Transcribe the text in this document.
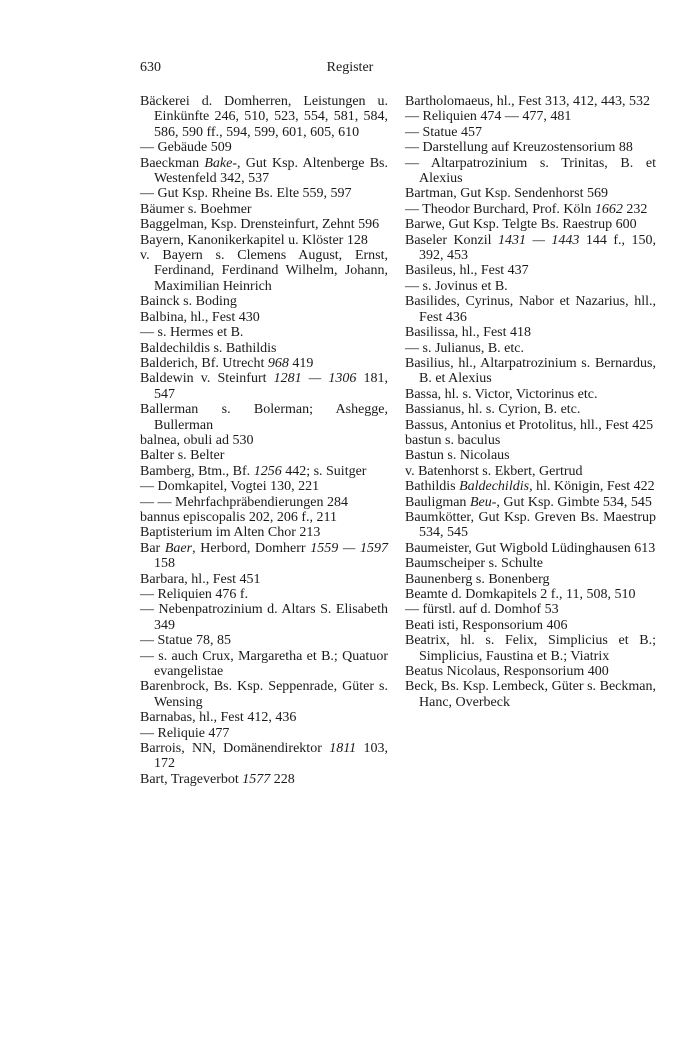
630	Register

Bäckerei d. Domherren, Leistungen u. Einkünfte 246, 510, 523, 554, 581, 584, 586, 590 ff., 594, 599, 601, 605, 610

— Gebäude 509

Baeckman Bake-, Gut Ksp. Altenberge Bs. Westenfeld 342, 537

— Gut Ksp. Rheine Bs. Elte 559, 597

Bäumer s. Boehmer

Baggelman, Ksp. Drensteinfurt, Zehnt 596

Bayern, Kanonikerkapitel u. Klöster 128

v. Bayern s. Clemens August, Ernst, Ferdinand, Ferdinand Wilhelm, Johann, Maximilian Heinrich

Bainck s. Boding

Balbina, hl., Fest 430

— s. Hermes et B.

Baldechildis s. Bathildis

Balderich, Bf. Utrecht 968 419

Baldewin v. Steinfurt 1281 — 1306 181, 547

Ballerman s. Bolerman; Ashegge, Bullerman

balnea, obuli ad 530

Balter s. Belter

Bamberg, Btm., Bf. 1256 442; s. Suitger

— Domkapitel, Vogtei 130, 221

— — Mehrfachpräbendierungen 284

bannus episcopalis 202, 206 f., 211

Baptisterium im Alten Chor 213

Bar Baer, Herbord, Domherr 1559 — 1597 158

Barbara, hl., Fest 451

— Reliquien 476 f.

— Nebenpatrozinium d. Altars S. Elisabeth 349

— Statue 78, 85

— s. auch Crux, Margaretha et B.; Quatuor evangelistae

Barenbrock, Bs. Ksp. Seppenrade, Güter s. Wensing

Barnabas, hl., Fest 412, 436

— Reliquie 477

Barrois, NN, Domänendirektor 1811 103, 172

Bart, Trageverbot 1577 228

Bartholomaeus, hl., Fest 313, 412, 443, 532

— Reliquien 474 — 477, 481

— Statue 457

— Darstellung auf Kreuzostensorium 88

— Altarpatrozinium s. Trinitas, B. et Alexius

Bartman, Gut Ksp. Sendenhorst 569

— Theodor Burchard, Prof. Köln 1662 232

Barwe, Gut Ksp. Telgte Bs. Raestrup 600

Baseler Konzil 1431 — 1443 144 f., 150, 392, 453

Basileus, hl., Fest 437

— s. Jovinus et B.

Basilides, Cyrinus, Nabor et Nazarius, hll., Fest 436

Basilissa, hl., Fest 418

— s. Julianus, B. etc.

Basilius, hl., Altarpatrozinium s. Bernardus, B. et Alexius

Bassa, hl. s. Victor, Victorinus etc.

Bassianus, hl. s. Cyrion, B. etc.

Bassus, Antonius et Protolitus, hll., Fest 425

bastun s. baculus

Bastun s. Nicolaus

v. Batenhorst s. Ekbert, Gertrud

Bathildis Baldechildis, hl. Königin, Fest 422

Bauligman Beu-, Gut Ksp. Gimbte 534, 545

Baumkötter, Gut Ksp. Greven Bs. Maestrup 534, 545

Baumeister, Gut Wigbold Lüdinghausen 613

Baumscheiper s. Schulte

Baunenberg s. Bonenberg

Beamte d. Domkapitels 2 f., 11, 508, 510

— fürstl. auf d. Domhof 53

Beati isti, Responsorium 406

Beatrix, hl. s. Felix, Simplicius et B.; Simplicius, Faustina et B.; Viatrix

Beatus Nicolaus, Responsorium 400

Beck, Bs. Ksp. Lembeck, Güter s. Beckman, Hanc, Overbeck
